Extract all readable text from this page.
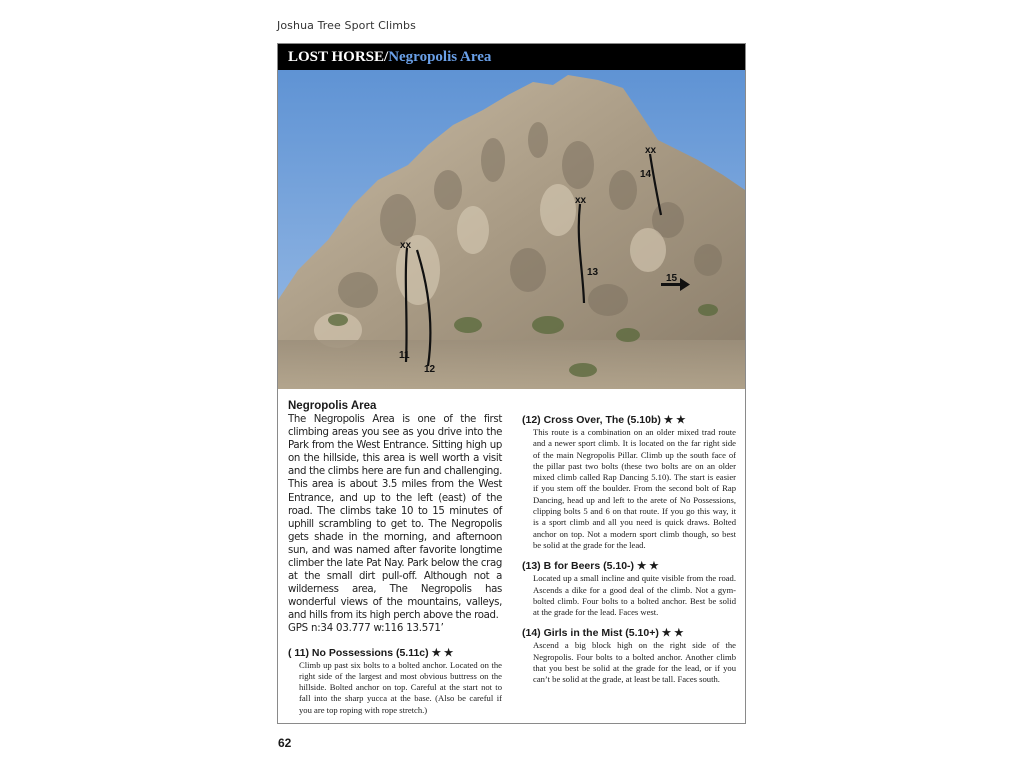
Joshua Tree Sport Climbs
LOST HORSE/Negropolis Area
xx
xx
xx
11
12
13
14
15
Negropolis Area

The Negropolis Area is one of the first climbing areas you see as you drive into the Park from the West Entrance. Sitting high up on the hillside, this area is well worth a visit and the climbs here are fun and challenging. This area is about 3.5 miles from the West Entrance, and up to the left (east) of the road. The climbs take 10 to 15 minutes of uphill scrambling to get to. The Negropolis gets shade in the morning, and afternoon sun, and was named after favorite longtime climber the late Pat Nay. Park below the crag at the small dirt pull-off. Although not a wilderness area, The Negropolis has wonderful views of the mountains, valleys, and hills from its high perch above the road.

GPS n:34 03.777 w:116 13.571’

( 11) No Possessions (5.11c) ★ ★

Climb up past six bolts to a bolted anchor. Located on the right side of the largest and most obvious buttress on the hillside. Bolted anchor on top. Careful at the start not to fall into the sharp yucca at the base. (Also be careful if you are top roping with rope stretch.)

(12) Cross Over, The (5.10b) ★ ★

This route is a combination on an older mixed trad route and a newer sport climb. It is located on the far right side of the main Negropolis Pillar. Climb up the south face of the pillar past two bolts (these two bolts are on an older mixed climb called Rap Dancing 5.10). The start is easier if you stem off the boulder. From the second bolt of Rap Dancing, head up and left to the arete of No Possessions, clipping bolts 5 and 6 on that route. If you go this way, it is a sport climb and all you need is quick draws. Bolted anchor on top. Not a modern sport climb though, so best be solid at the grade for the lead.

(13) B for Beers (5.10-) ★ ★

Located up a small incline and quite visible from the road. Ascends a dike for a good deal of the climb. Not a gym-bolted climb. Four bolts to a bolted anchor. Best be solid at the grade for the lead. Faces west.

(14) Girls in the Mist (5.10+) ★ ★

Ascend a big block high on the right side of the Negropolis. Four bolts to a bolted anchor. Another climb that you best be solid at the grade for the lead, or if you can’t be solid at the grade, at least be tall. Faces south.

62
